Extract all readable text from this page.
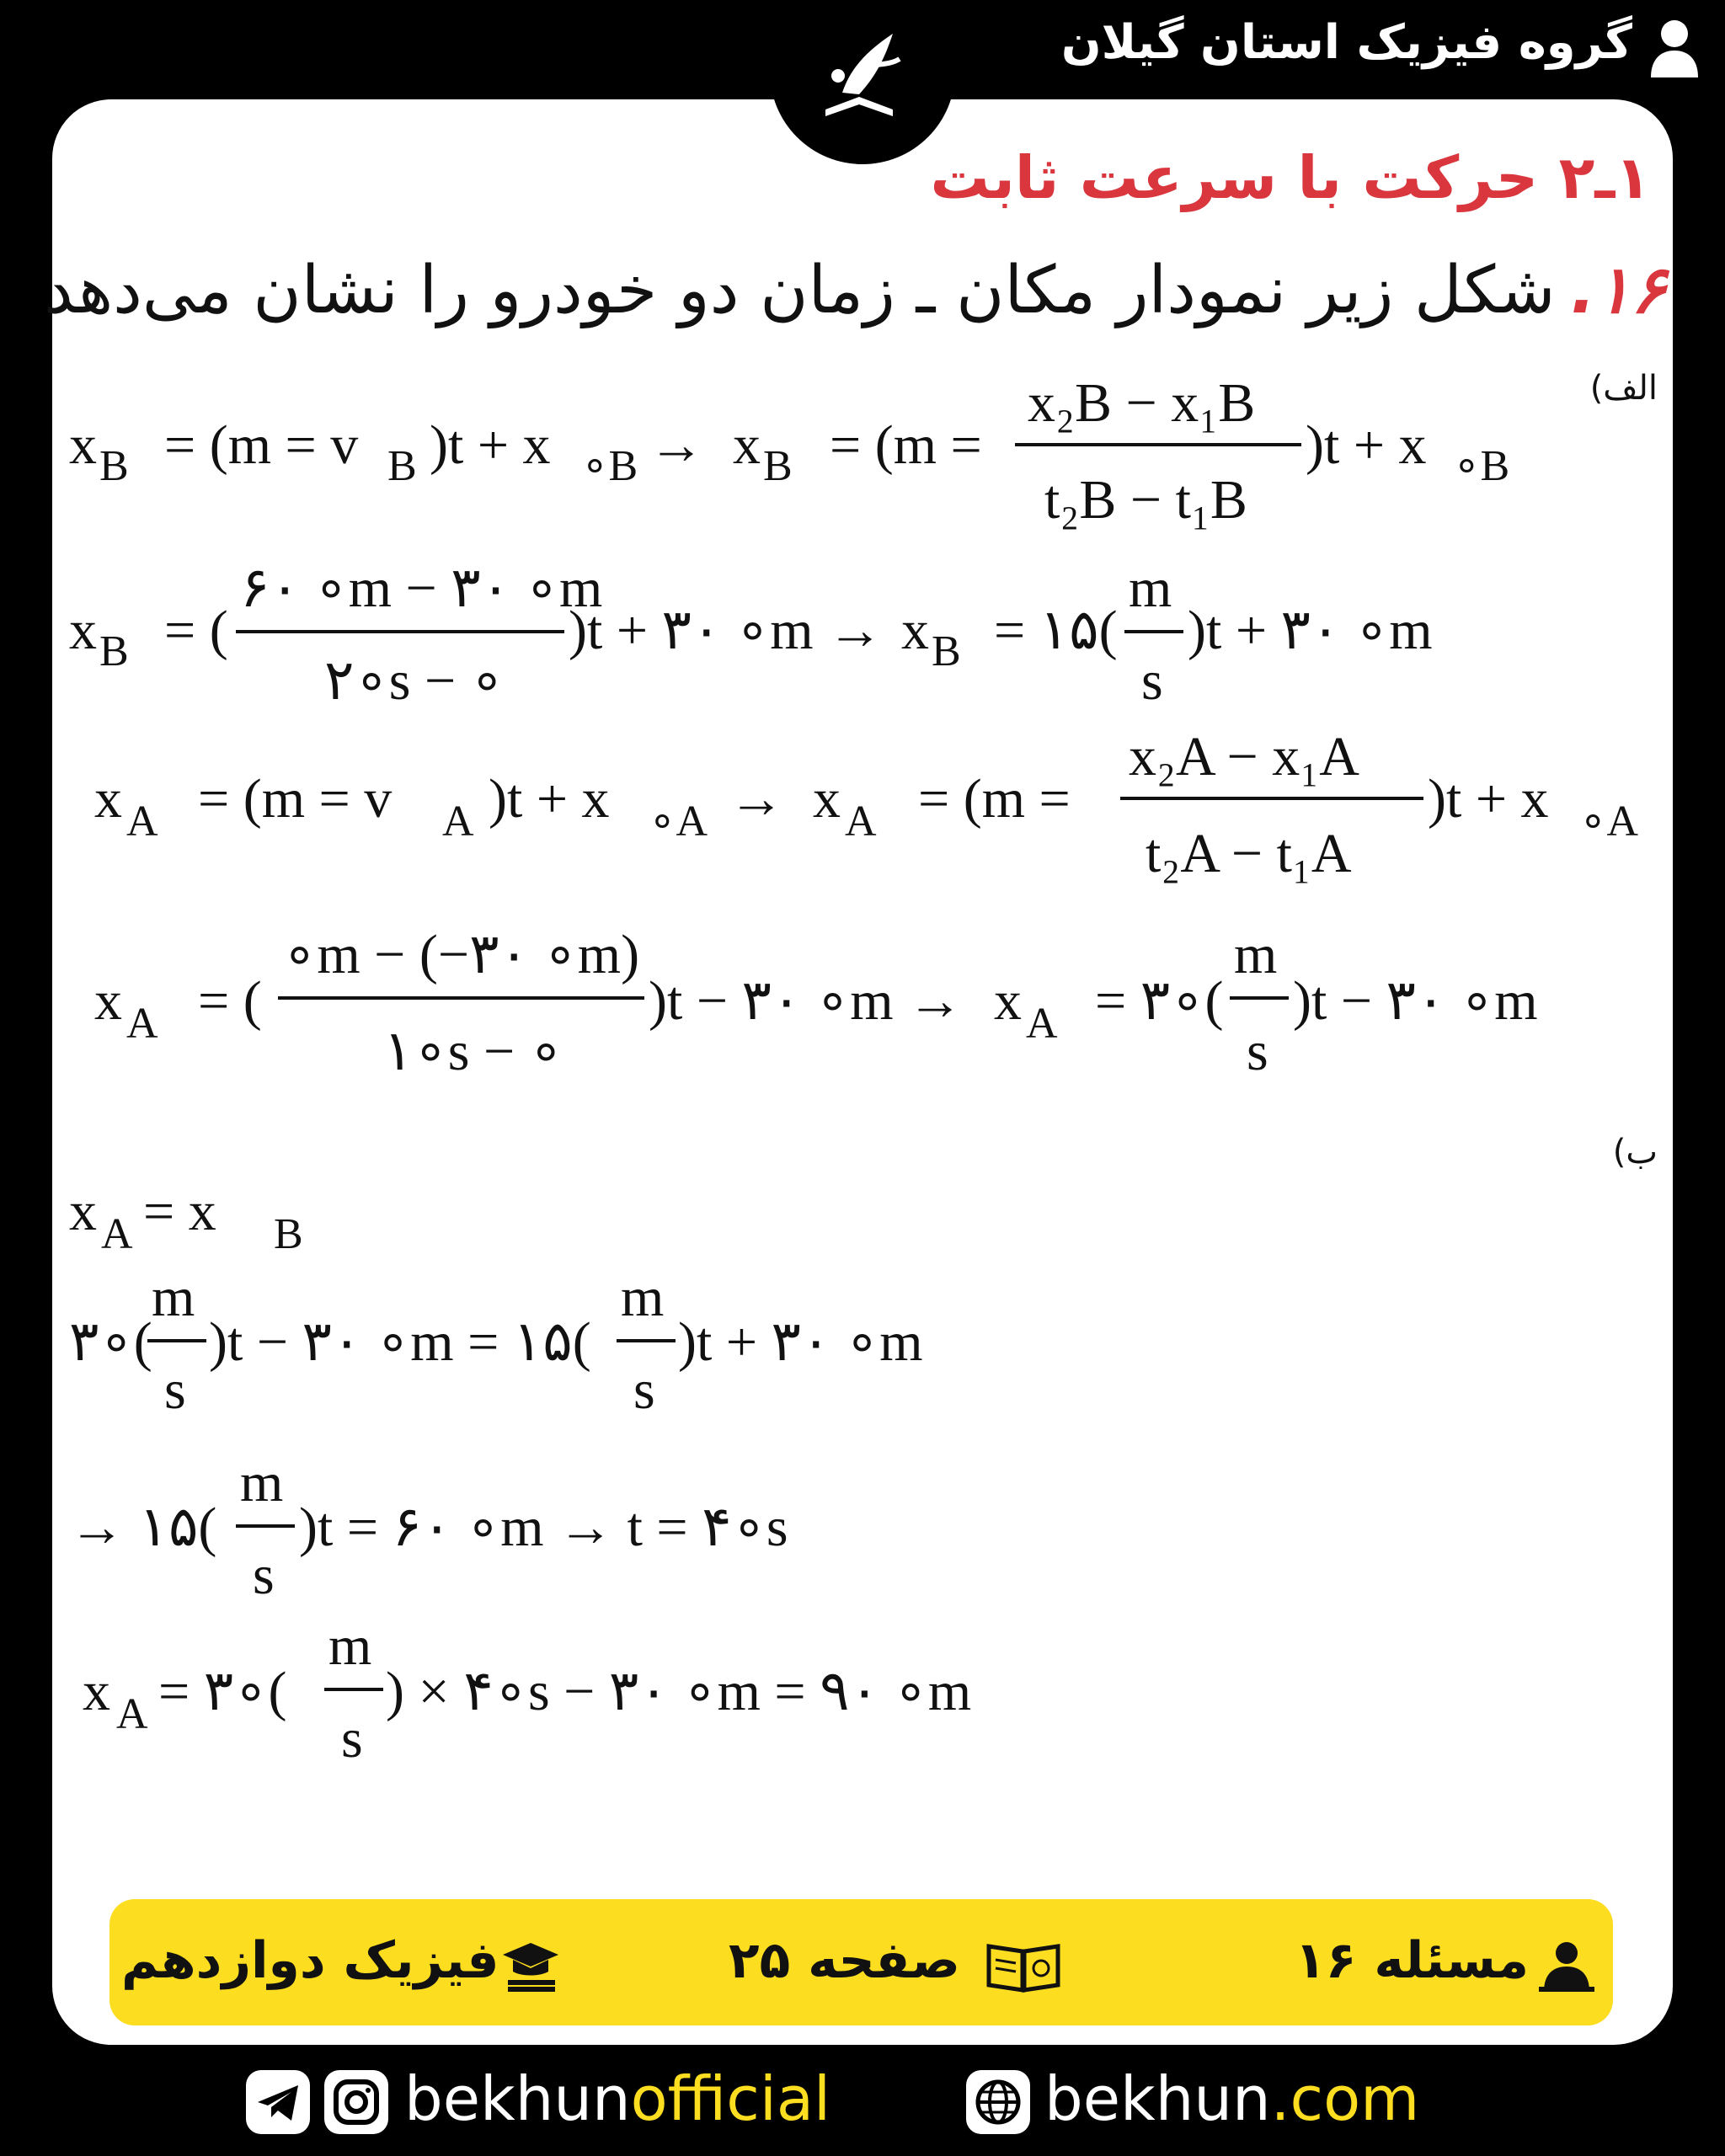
گروه فیزیک استان گیلان
۱ـ۲ حرکت با سرعت ثابت
۱۶.شکل زیر نمودار مکان ـ زمان دو خودرو را نشان می‌دهد
الف)
x B = (m = v B )t + x ∘B → x B = (m =
x₂B − x₁B
t₂B − t₁B
)t + x ∘B
x B = (
۶۰ ∘m − ۳۰ ∘m
۲∘s − ∘
)t + ۳۰ ∘m → x B = ۱۵(
m
s
)t + ۳۰ ∘m
x A = (m = v A )t + x ∘A → x A = (m =
x₂A − x₁A
t₂A − t₁A
)t + x ∘A
x A = (
∘m − (−۳۰ ∘m)
۱∘s − ∘
)t − ۳۰ ∘m → x A = ۳∘(
m
s
)t − ۳۰ ∘m
ب)
x A = x B
۳∘(
m
s
)t − ۳۰ ∘m = ۱۵(
m
s
)t + ۳۰ ∘m
→ ۱۵(
m
s
)t = ۶۰ ∘m → t = ۴∘s
x A = ۳∘(
m
s
) × ۴∘s − ۳۰ ∘m = ۹۰ ∘m
مسئله ۱۶
صفحه ۲۵
فیزیک دوازدهم
bekhunofficial	bekhun.com
